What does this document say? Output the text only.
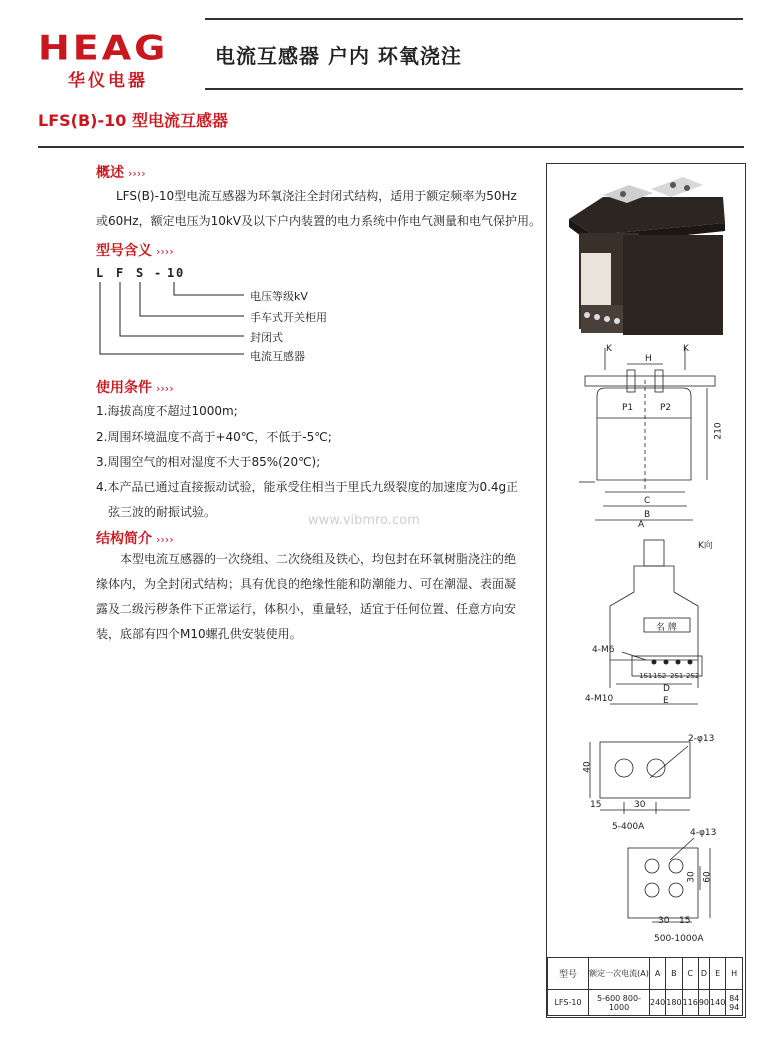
HEAG
华仪电器
电流互感器 户内 环氧浇注
LFS(B)-10 型电流互感器
概述 ››››
LFS(B)-10型电流互感器为环氧浇注全封闭式结构，适用于额定频率为50Hz
或60Hz，额定电压为10kV及以下户内装置的电力系统中作电气测量和电气保护用。
型号含义 ››››
L F S - 1 0
电压等级kV
手车式开关柜用
封闭式
电流互感器
使用条件 ››››
1.海拔高度不超过1000m;
2.周围环境温度不高于+40℃，不低于-5℃;
3.周围空气的相对湿度不大于85%(20℃);
4.本产品已通过直接振动试验，能承受住相当于里氏九级裂度的加速度为0.4g正
弦三波的耐振试验。
www.vibmro.com
结构简介 ››››
本型电流互感器的一次绕组、二次绕组及铁心，均包封在环氧树脂浇注的绝
缘体内，为全封闭式结构；具有优良的绝缘性能和防潮能力、可在潮湿、表面凝
露及二级污秽条件下正常运行，体积小，重量轻，适宜于任何位置、任意方向安
装，底部有四个M10螺孔供安装使用。
K	K
H
P1	P2
210
C
B
A
K向
名 牌
4-M6
1S1 1S2 2S1 2S2
D
4-M10	E
2-φ13
40
15	30
5-400A
4-φ13
30 60
30 15
500-1000A
型号	额定一次电流(A)	A	B	C	D	E	H
LFS-10	5-600 800-1000	240	180	116	90	140	84 94
